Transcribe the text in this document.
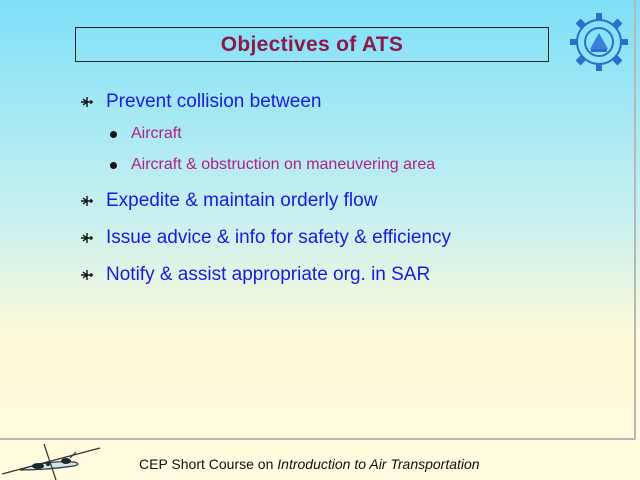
Objectives of ATS
Prevent collision between
Aircraft
Aircraft & obstruction on maneuvering area
Expedite & maintain orderly flow
Issue advice & info for safety & efficiency
Notify & assist appropriate org. in SAR
CEP Short Course on Introduction to Air Transportation
